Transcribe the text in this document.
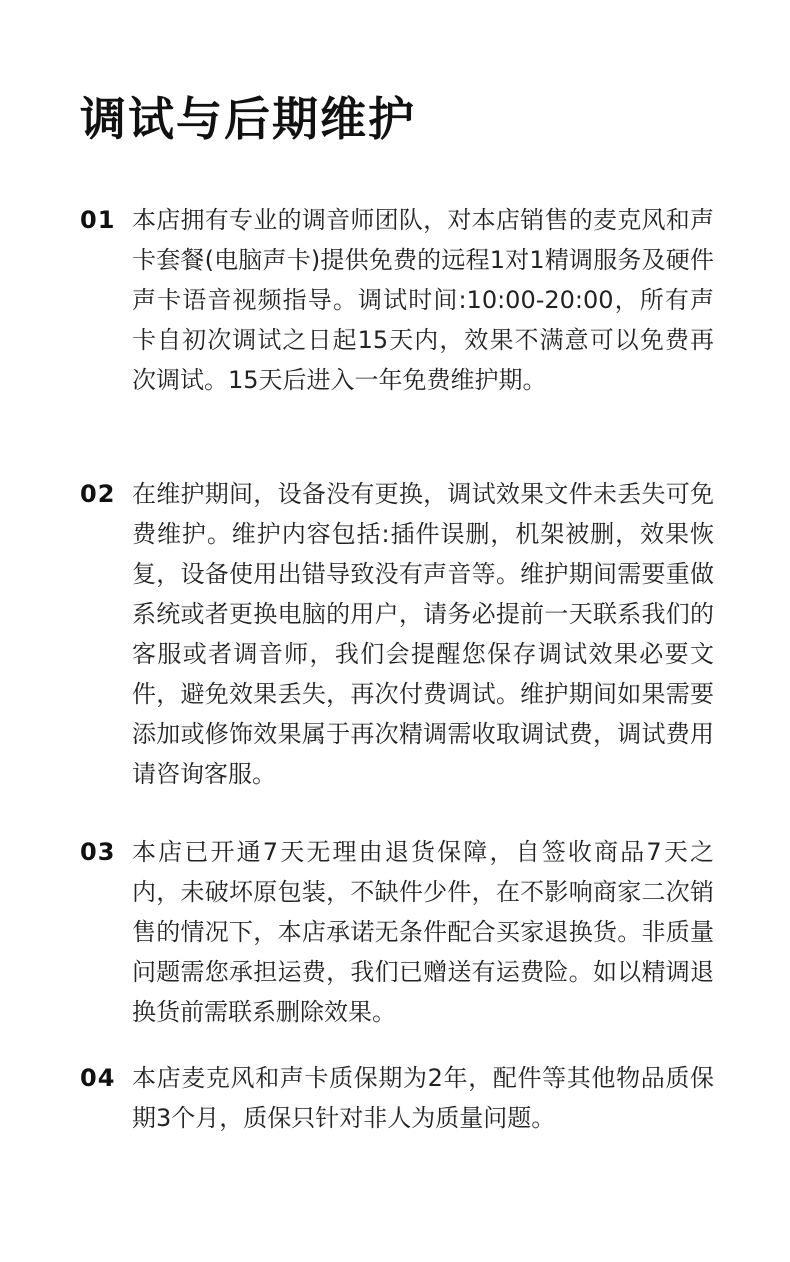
调试与后期维护
01 本店拥有专业的调音师团队，对本店销售的麦克风和声卡套餐(电脑声卡)提供免费的远程1对1精调服务及硬件声卡语音视频指导。调试时间:10:00-20:00，所有声卡自初次调试之日起15天内，效果不满意可以免费再次调试。15天后进入一年免费维护期。

02 在维护期间，设备没有更换，调试效果文件未丢失可免费维护。维护内容包括:插件误删，机架被删，效果恢复，设备使用出错导致没有声音等。维护期间需要重做系统或者更换电脑的用户，请务必提前一天联系我们的客服或者调音师，我们会提醒您保存调试效果必要文件，避免效果丢失，再次付费调试。维护期间如果需要添加或修饰效果属于再次精调需收取调试费，调试费用请咨询客服。

03 本店已开通7天无理由退货保障，自签收商品7天之内，未破坏原包装，不缺件少件，在不影响商家二次销售的情况下，本店承诺无条件配合买家退换货。非质量问题需您承担运费，我们已赠送有运费险。如以精调退换货前需联系删除效果。

04 本店麦克风和声卡质保期为2年，配件等其他物品质保期3个月，质保只针对非人为质量问题。
